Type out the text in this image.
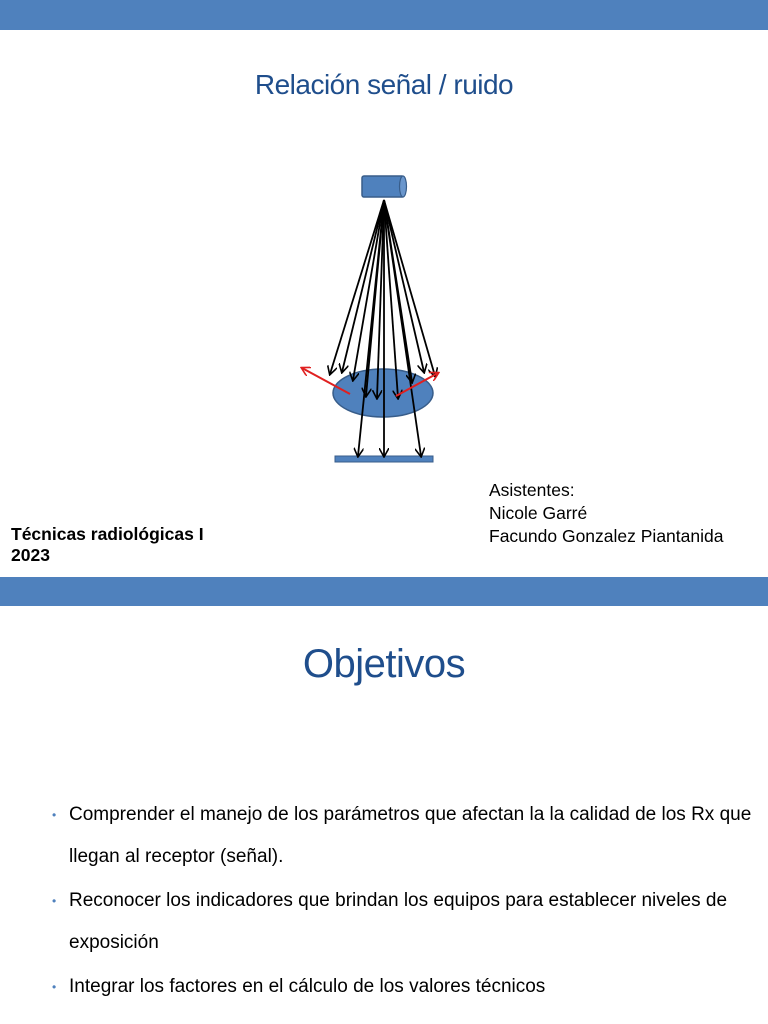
Relación señal / ruido
Técnicas radiológicas I
2023
Asistentes:
Nicole Garré
Facundo Gonzalez Piantanida
Objetivos
• Comprender el manejo de los parámetros que afectan la la calidad de los Rx que llegan al receptor (señal).
• Reconocer los indicadores que brindan los equipos para establecer niveles de exposición
• Integrar los factores en el cálculo de los valores técnicos
